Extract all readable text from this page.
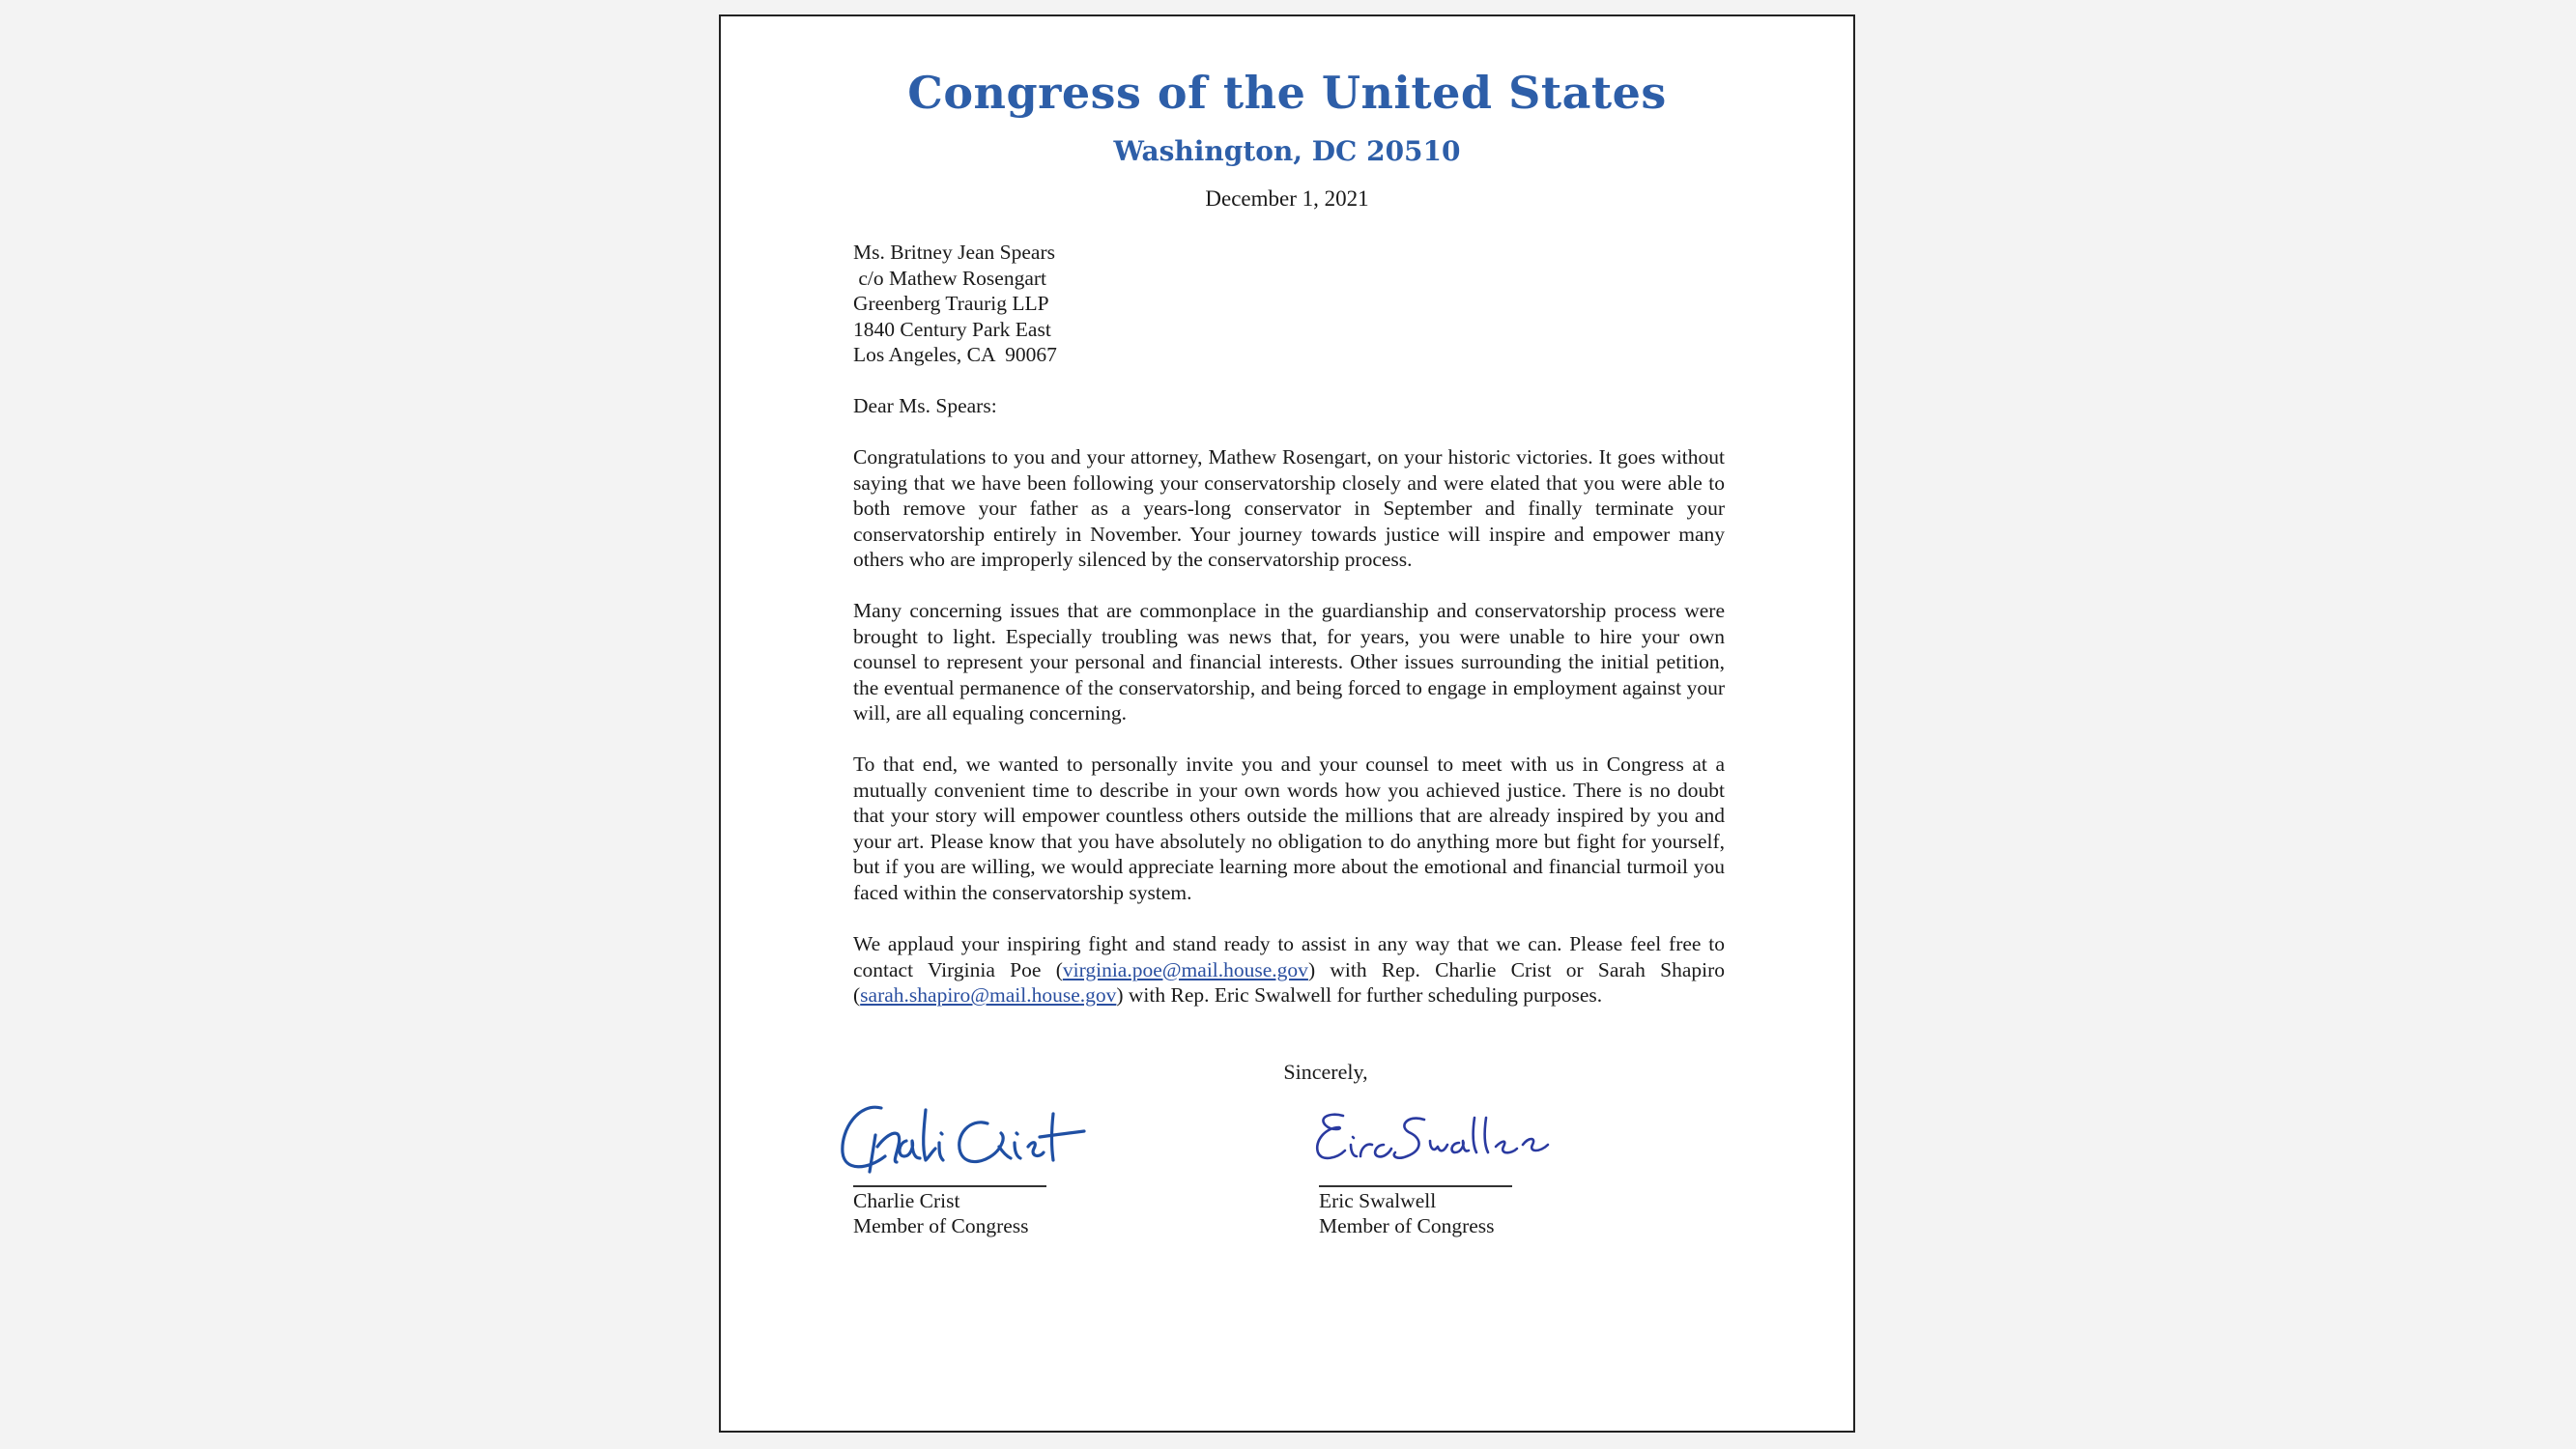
Congress of the United States
Washington, DC 20510
December 1, 2021
Ms. Britney Jean Spears
c/o Mathew Rosengart
Greenberg Traurig LLP
1840 Century Park East
Los Angeles, CA  90067
Dear Ms. Spears:
Congratulations to you and your attorney, Mathew Rosengart, on your historic victories. It goes without saying that we have been following your conservatorship closely and were elated that you were able to both remove your father as a years-long conservator in September and finally terminate your conservatorship entirely in November. Your journey towards justice will inspire and empower many others who are improperly silenced by the conservatorship process.
Many concerning issues that are commonplace in the guardianship and conservatorship process were brought to light. Especially troubling was news that, for years, you were unable to hire your own counsel to represent your personal and financial interests. Other issues surrounding the initial petition, the eventual permanence of the conservatorship, and being forced to engage in employment against your will, are all equaling concerning.
To that end, we wanted to personally invite you and your counsel to meet with us in Congress at a mutually convenient time to describe in your own words how you achieved justice. There is no doubt that your story will empower countless others outside the millions that are already inspired by you and your art. Please know that you have absolutely no obligation to do anything more but fight for yourself, but if you are willing, we would appreciate learning more about the emotional and financial turmoil you faced within the conservatorship system.
We applaud your inspiring fight and stand ready to assist in any way that we can. Please feel free to contact Virginia Poe (virginia.poe@mail.house.gov) with Rep. Charlie Crist or Sarah Shapiro (sarah.shapiro@mail.house.gov) with Rep. Eric Swalwell for further scheduling purposes.
Sincerely,
Charlie Crist
Member of Congress
Eric Swalwell
Member of Congress
